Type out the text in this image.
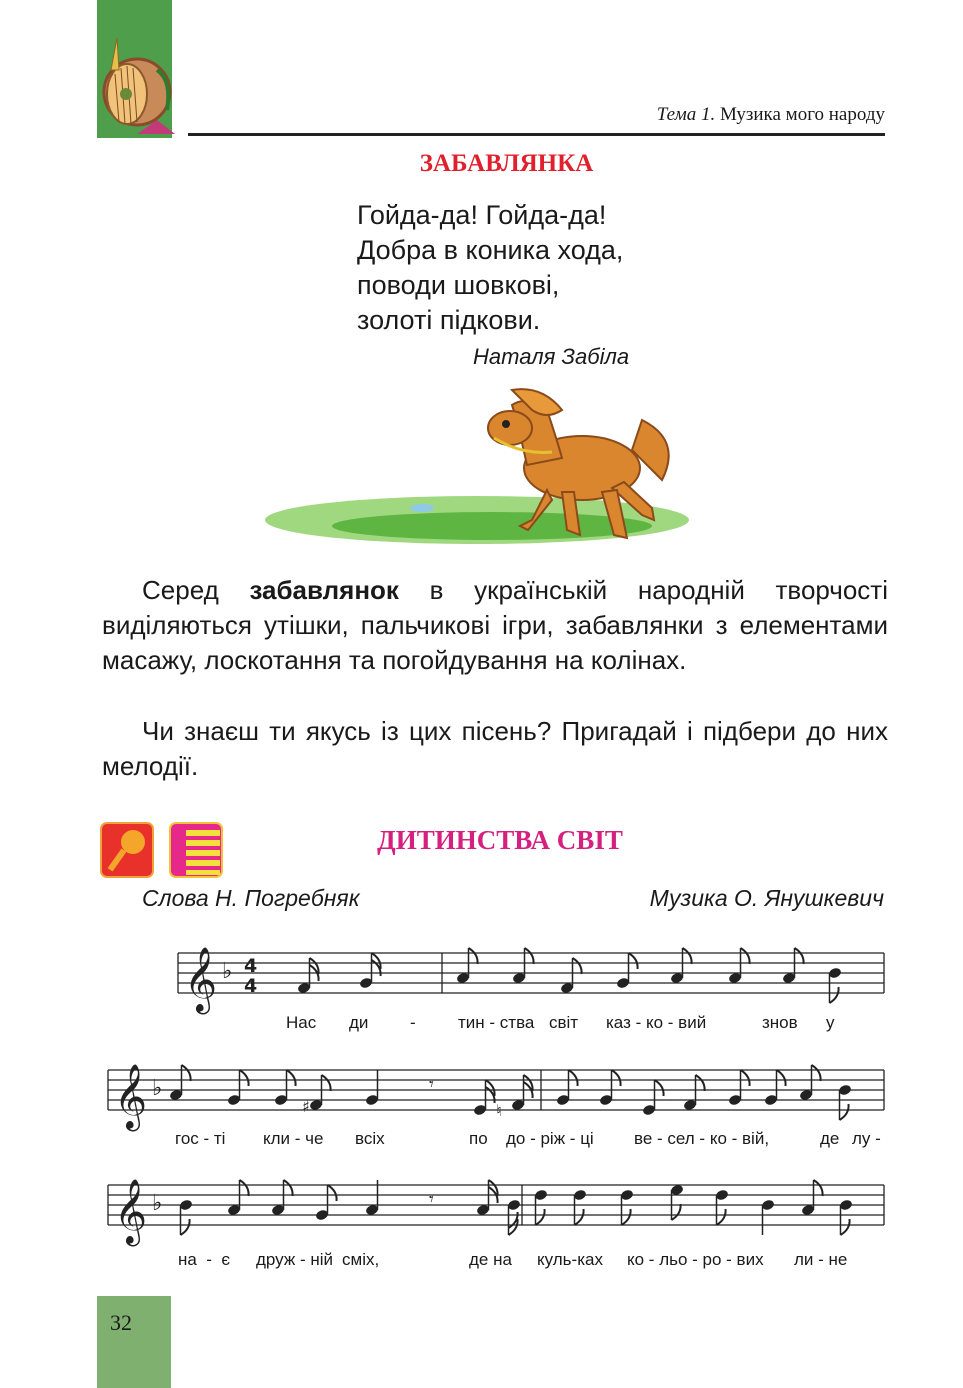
Тема 1. Музика мого народу
ЗАБАВЛЯНКА
Гойда-да! Гойда-да!
Добра в коника хода,
поводи шовкові,
золоті підкови.
Наталя Забіла
Серед забавлянок в українській народній творчості виділяються утішки, пальчикові ігри, забавлянки з елементами масажу, лоскотання та погойдування на колінах.
Чи знаєш ти якусь із цих пісень? Пригадай і підбери до них мелодії.
ДИТИНСТВА СВІТ
Слова Н. Погребняк	Музика О. Янушкевич
𝄞
𝄞
𝄞
♭
♭
♭
4
4
𝄾
𝄾
♯	♮
Нас ди - тин - ства світ каз - ко - вий	знов у
гос - ті кли - че всіх	по до - ріж - ці ве - сел - ко - вій,	де лу -
на  -  є друж - ній сміх,	де на куль-ках ко - льо - ро - вих ли - не
32
